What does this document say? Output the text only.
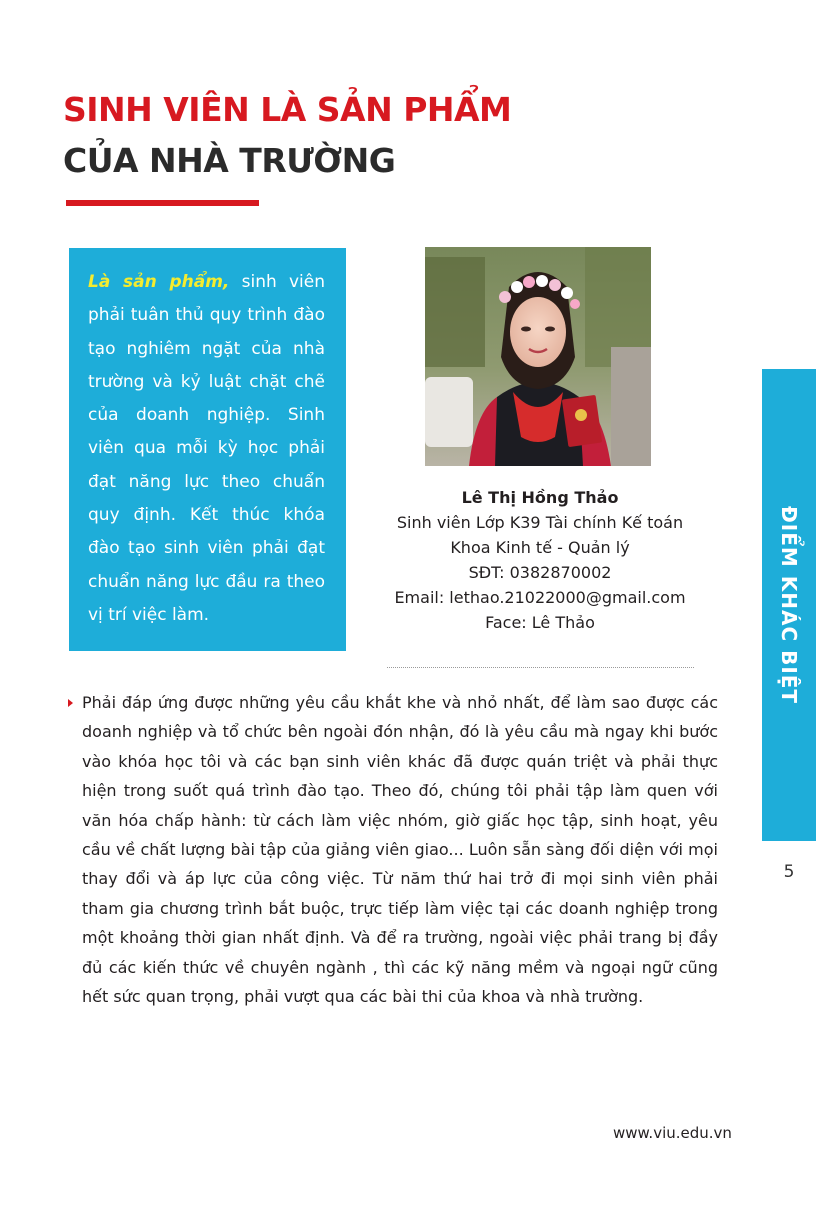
SINH VIÊN LÀ SẢN PHẨM
CỦA NHÀ TRƯỜNG
Là sản phẩm, sinh viên phải tuân thủ quy trình đào tạo nghiêm ngặt của nhà trường và kỷ luật chặt chẽ của doanh nghiệp. Sinh viên qua mỗi kỳ học phải đạt năng lực theo chuẩn quy định. Kết thúc khóa đào tạo sinh viên phải đạt chuẩn năng lực đầu ra theo vị trí việc làm.
Lê Thị Hồng Thảo
Sinh viên Lớp K39 Tài chính Kế toán
Khoa Kinh tế - Quản lý
SĐT: 0382870002
Email: lethao.21022000@gmail.com
Face: Lê Thảo

Phải đáp ứng được những yêu cầu khắt khe và nhỏ nhất, để làm sao được các doanh nghiệp và tổ chức bên ngoài đón nhận, đó là yêu cầu mà ngay khi bước vào khóa học tôi và các bạn sinh viên khác đã được quán triệt và phải thực hiện trong suốt quá trình đào tạo. Theo đó, chúng tôi phải tập làm quen với văn hóa chấp hành: từ cách làm việc nhóm, giờ giấc học tập, sinh hoạt, yêu cầu về chất lượng bài tập của giảng viên giao... Luôn sẵn sàng đối diện với mọi thay đổi và áp lực của công việc. Từ năm thứ hai trở đi mọi sinh viên phải tham gia chương trình bắt buộc, trực tiếp làm việc tại các doanh nghiệp trong một khoảng thời gian nhất định. Và để ra trường, ngoài việc phải trang bị đầy đủ các kiến thức về chuyên ngành , thì các kỹ năng mềm và ngoại ngữ cũng hết sức quan trọng, phải vượt qua các bài thi của khoa và nhà trường.

ĐIỂM KHÁC BIỆT
5
www.viu.edu.vn
